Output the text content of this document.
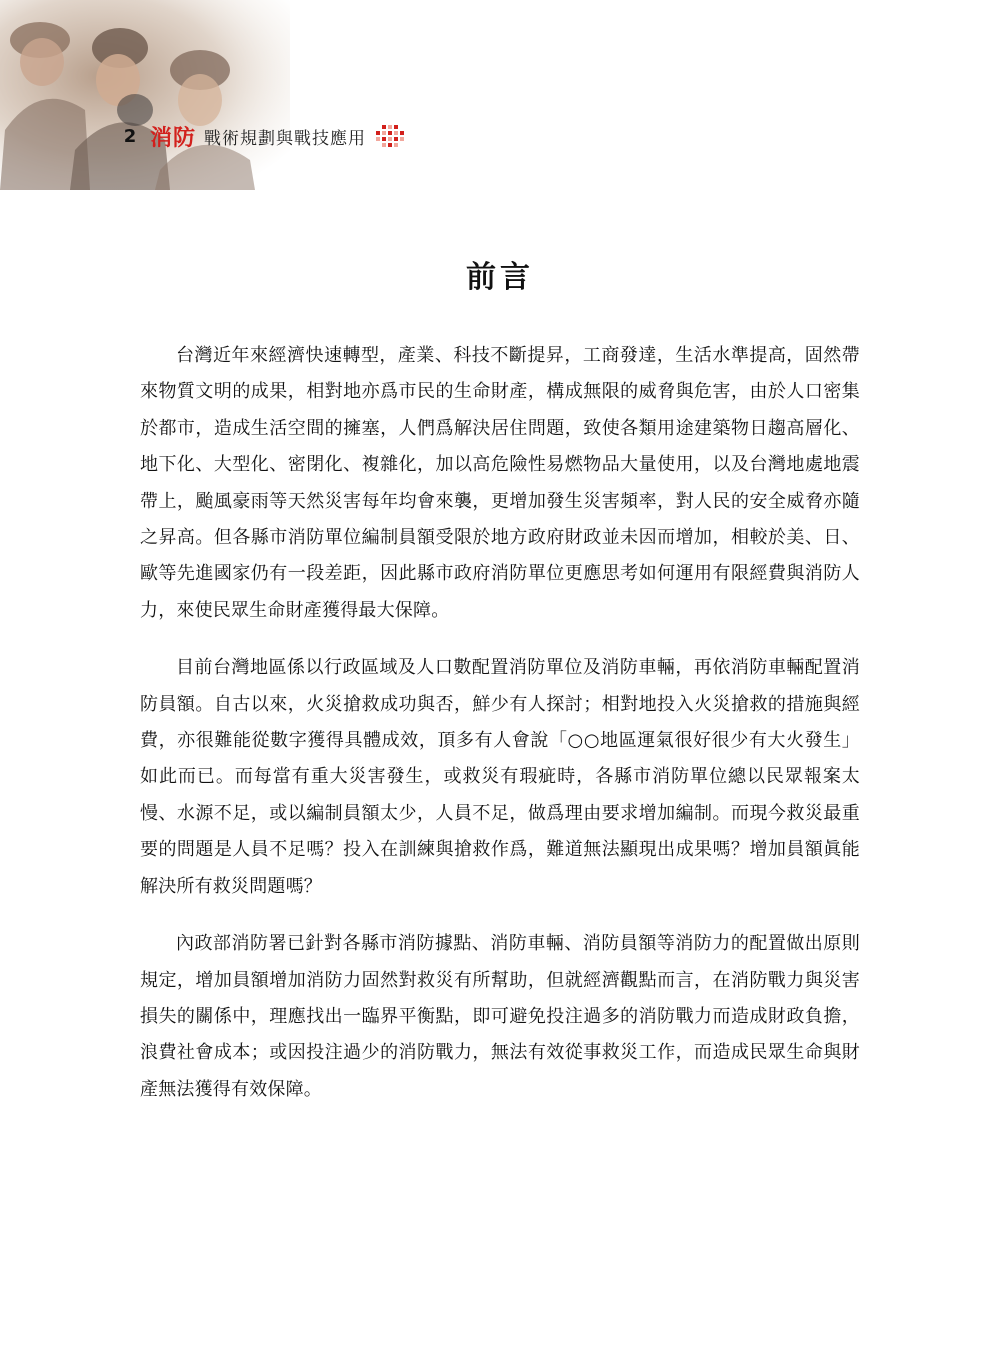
2 消防 戰術規劃與戰技應用
前言

台灣近年來經濟快速轉型，產業、科技不斷提昇，工商發達，生活水準提高，固然帶來物質文明的成果，相對地亦爲市民的生命財產，構成無限的威脅與危害，由於人口密集於都市，造成生活空間的擁塞，人們爲解決居住問題，致使各類用途建築物日趨高層化、地下化、大型化、密閉化、複雜化，加以高危險性易燃物品大量使用，以及台灣地處地震帶上，颱風豪雨等天然災害每年均會來襲，更增加發生災害頻率，對人民的安全威脅亦隨之昇高。但各縣市消防單位編制員額受限於地方政府財政並未因而增加，相較於美、日、歐等先進國家仍有一段差距，因此縣市政府消防單位更應思考如何運用有限經費與消防人力，來使民眾生命財產獲得最大保障。

目前台灣地區係以行政區域及人口數配置消防單位及消防車輛，再依消防車輛配置消防員額。自古以來，火災搶救成功與否，鮮少有人探討；相對地投入火災搶救的措施與經費，亦很難能從數字獲得具體成效，頂多有人會說「○○地區運氣很好很少有大火發生」如此而已。而每當有重大災害發生，或救災有瑕疵時，各縣市消防單位總以民眾報案太慢、水源不足，或以編制員額太少，人員不足，做爲理由要求增加編制。而現今救災最重要的問題是人員不足嗎？投入在訓練與搶救作爲，難道無法顯現出成果嗎？增加員額眞能解決所有救災問題嗎？

內政部消防署已針對各縣市消防據點、消防車輛、消防員額等消防力的配置做出原則規定，增加員額增加消防力固然對救災有所幫助，但就經濟觀點而言，在消防戰力與災害損失的關係中，理應找出一臨界平衡點，即可避免投注過多的消防戰力而造成財政負擔，浪費社會成本；或因投注過少的消防戰力，無法有效從事救災工作，而造成民眾生命與財產無法獲得有效保障。
